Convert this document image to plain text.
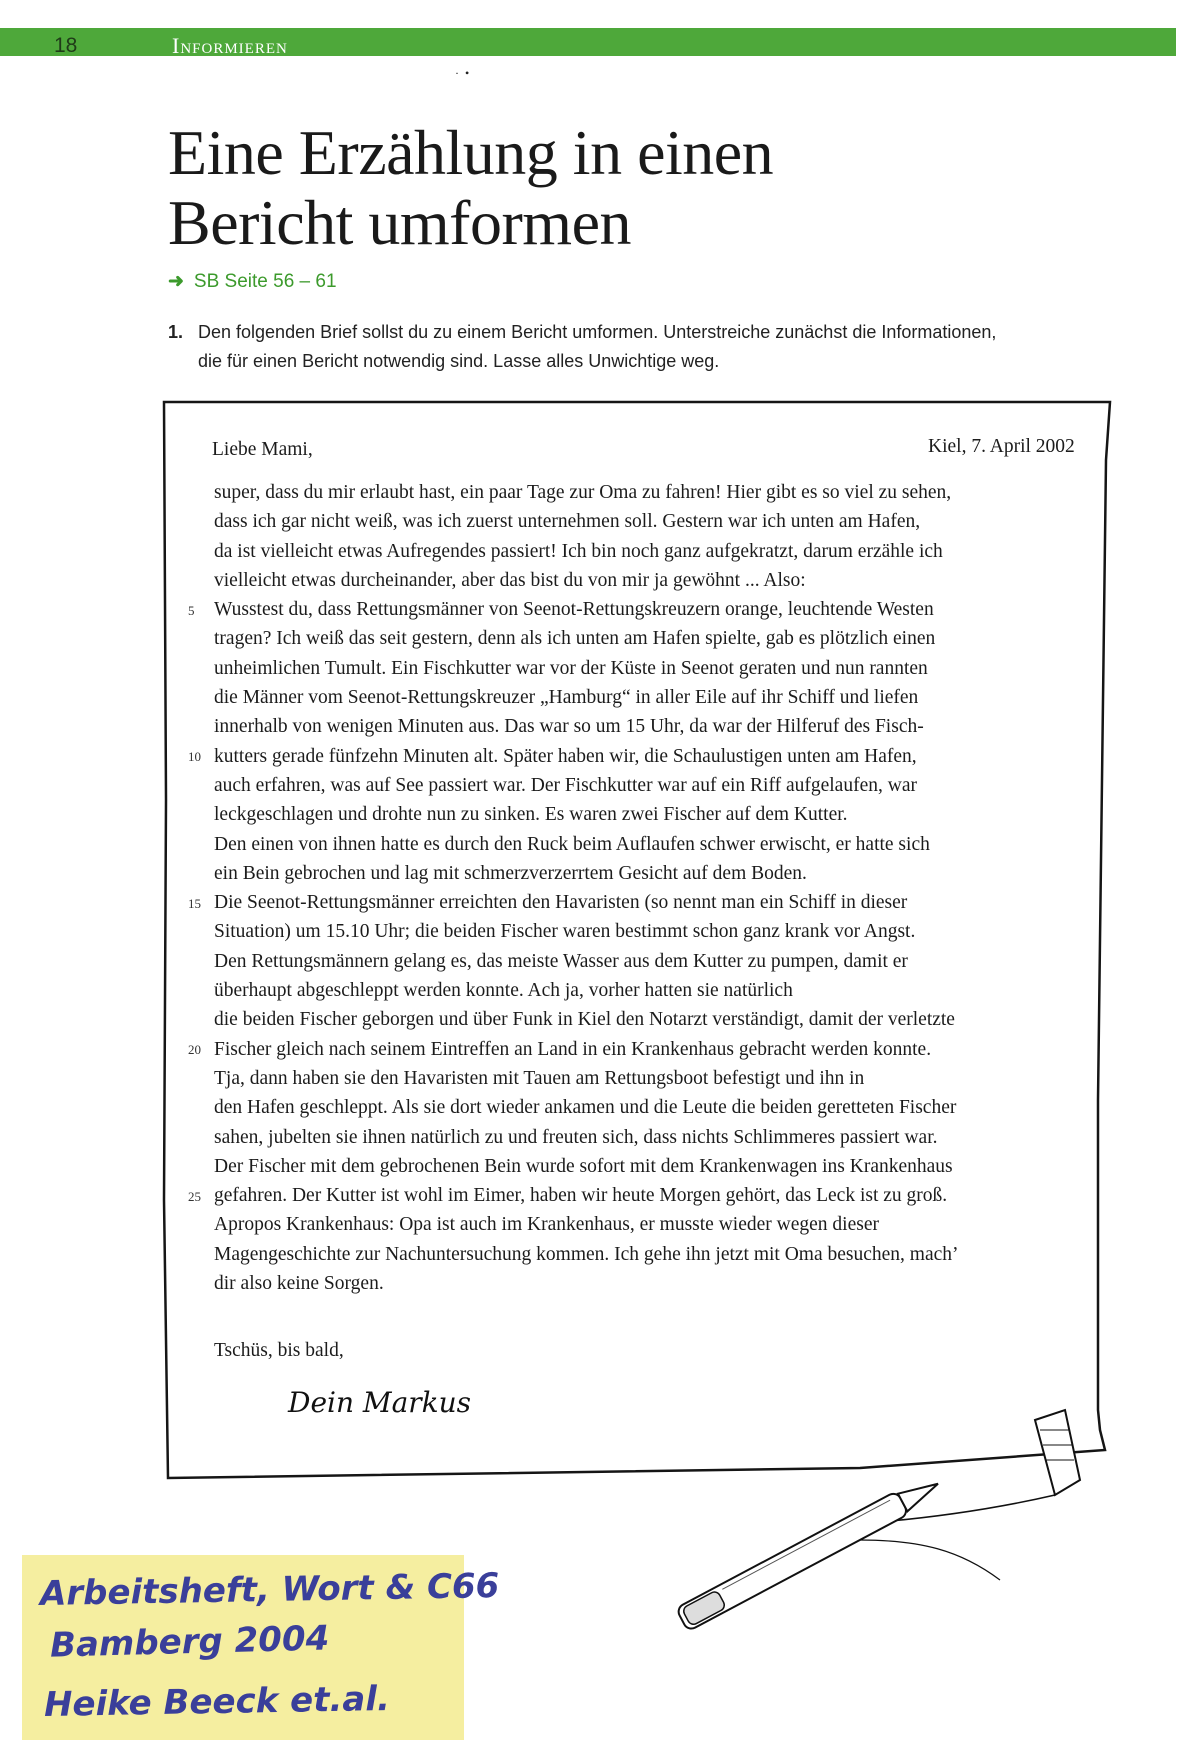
18	Informieren
·  •
Eine Erzählung in einen
Bericht umformen
➜ SB Seite 56 – 61
1. Den folgenden Brief sollst du zu einem Bericht umformen. Unterstreiche zunächst die Informationen,
die für einen Bericht notwendig sind. Lasse alles Unwichtige weg.
Liebe Mami,	Kiel, 7. April 2002
super, dass du mir erlaubt hast, ein paar Tage zur Oma zu fahren! Hier gibt es so viel zu sehen,
dass ich gar nicht weiß, was ich zuerst unternehmen soll. Gestern war ich unten am Hafen,
da ist vielleicht etwas Aufregendes passiert! Ich bin noch ganz aufgekratzt, darum erzähle ich
vielleicht etwas durcheinander, aber das bist du von mir ja gewöhnt ... Also:
Wusstest du, dass Rettungsmänner von Seenot-Rettungskreuzern orange, leuchtende Westen
tragen? Ich weiß das seit gestern, denn als ich unten am Hafen spielte, gab es plötzlich einen
unheimlichen Tumult. Ein Fischkutter war vor der Küste in Seenot geraten und nun rannten
die Männer vom Seenot-Rettungskreuzer „Hamburg“ in aller Eile auf ihr Schiff und liefen
innerhalb von wenigen Minuten aus. Das war so um 15 Uhr, da war der Hilferuf des Fisch-
kutters gerade fünfzehn Minuten alt. Später haben wir, die Schaulustigen unten am Hafen,
auch erfahren, was auf See passiert war. Der Fischkutter war auf ein Riff aufgelaufen, war
leckgeschlagen und drohte nun zu sinken. Es waren zwei Fischer auf dem Kutter.
Den einen von ihnen hatte es durch den Ruck beim Auflaufen schwer erwischt, er hatte sich
ein Bein gebrochen und lag mit schmerzverzerrtem Gesicht auf dem Boden.
Die Seenot-Rettungsmänner erreichten den Havaristen (so nennt man ein Schiff in dieser
Situation) um 15.10 Uhr; die beiden Fischer waren bestimmt schon ganz krank vor Angst.
Den Rettungsmännern gelang es, das meiste Wasser aus dem Kutter zu pumpen, damit er
überhaupt abgeschleppt werden konnte. Ach ja, vorher hatten sie natürlich
die beiden Fischer geborgen und über Funk in Kiel den Notarzt verständigt, damit der verletzte
Fischer gleich nach seinem Eintreffen an Land in ein Krankenhaus gebracht werden konnte.
Tja, dann haben sie den Havaristen mit Tauen am Rettungsboot befestigt und ihn in
den Hafen geschleppt. Als sie dort wieder ankamen und die Leute die beiden geretteten Fischer
sahen, jubelten sie ihnen natürlich zu und freuten sich, dass nichts Schlimmeres passiert war.
Der Fischer mit dem gebrochenen Bein wurde sofort mit dem Krankenwagen ins Krankenhaus
gefahren. Der Kutter ist wohl im Eimer, haben wir heute Morgen gehört, das Leck ist zu groß.
Apropos Krankenhaus: Opa ist auch im Krankenhaus, er musste wieder wegen dieser
Magengeschichte zur Nachuntersuchung kommen. Ich gehe ihn jetzt mit Oma besuchen, mach’
dir also keine Sorgen.
5
10
15
20
25
Tschüs, bis bald,
Dein Markus
Arbeitsheft, Wort & C66
Bamberg 2004
Heike Beeck et.al.
